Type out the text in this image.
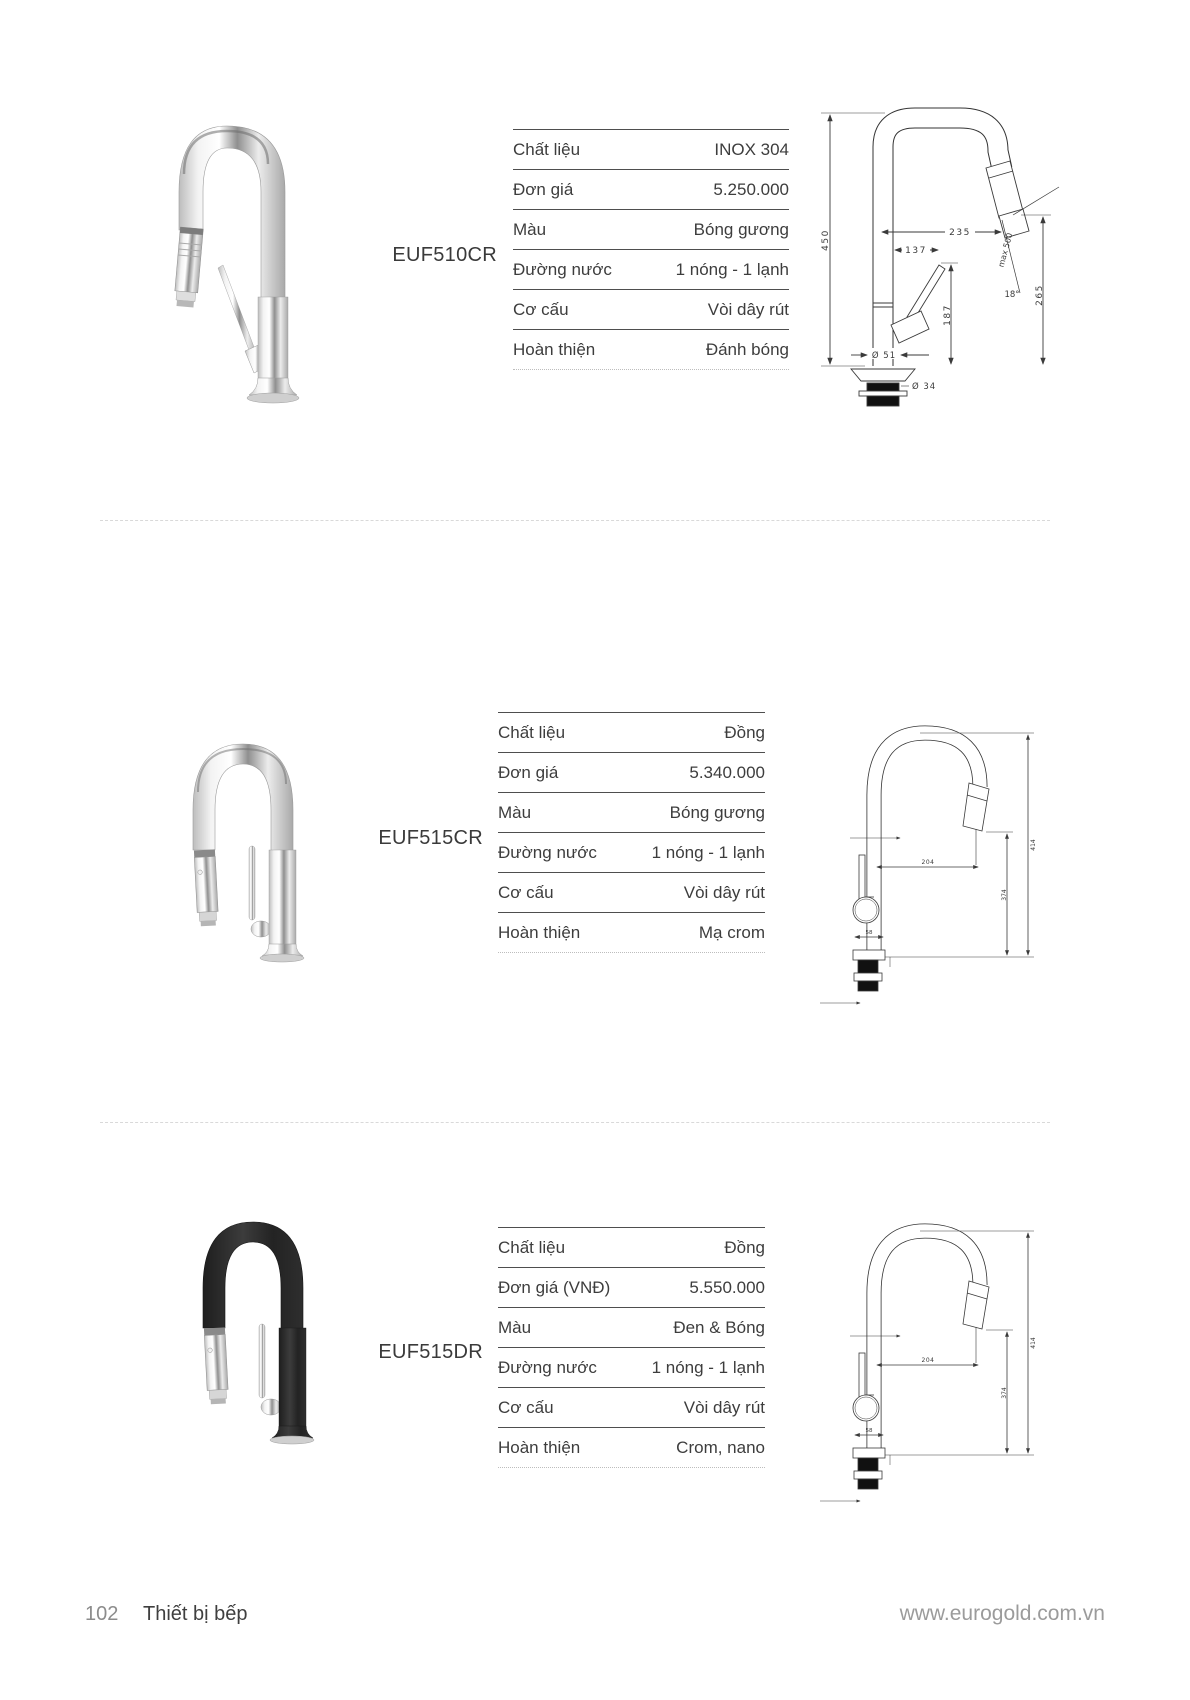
EUF510CR
Chất liệu	INOX 304
Đơn giá	5.250.000
Màu	Bóng gương
Đường nước	1 nóng - 1 lạnh
Cơ cấu	Vòi dây rút
Hoàn thiện	Đánh bóng
235
137
450
187
265
18°
max 500
Ø 51
Ø 34
EUF515CR
Chất liệu	Đồng
Đơn giá	5.340.000
Màu	Bóng gương
Đường nước	1 nóng - 1 lạnh
Cơ cấu	Vòi dây rút
Hoàn thiện	Mạ crom
204
58
374
414
EUF515DR
Chất liệu	Đồng
Đơn giá (VNĐ)	5.550.000
Màu	Đen & Bóng
Đường nước	1 nóng - 1 lạnh
Cơ cấu	Vòi dây rút
Hoàn thiện	Crom, nano
102 Thiết bị bếp	www.eurogold.com.vn
